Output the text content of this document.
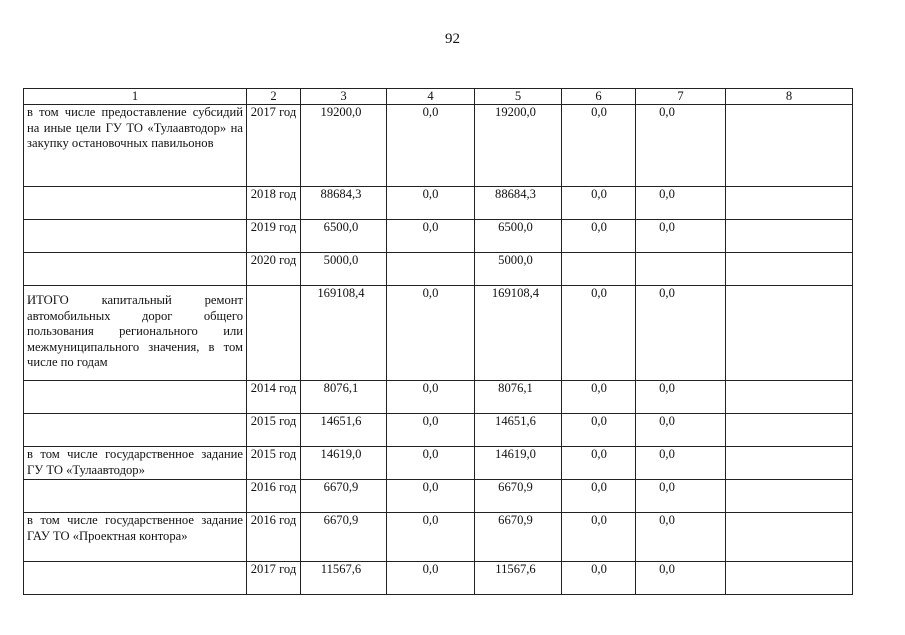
92
1	2	3	4	5	6	7	8
в том числе предоставление субсидий на иные цели ГУ ТО «Тулаавтодор» на закупку остановочных павильонов	2017 год	19200,0	0,0	19200,0	0,0	0,0	
	2018 год	88684,3	0,0	88684,3	0,0	0,0	
	2019 год	6500,0	0,0	6500,0	0,0	0,0	
	2020 год	5000,0		5000,0			
ИТОГО капитальный ремонт автомобильных дорог общего пользования регионального или межмуниципального значения, в том числе по годам		169108,4	0,0	169108,4	0,0	0,0	
	2014 год	8076,1	0,0	8076,1	0,0	0,0	
	2015 год	14651,6	0,0	14651,6	0,0	0,0	
в том числе государственное задание ГУ ТО «Тулаавтодор»	2015 год	14619,0	0,0	14619,0	0,0	0,0	
	2016 год	6670,9	0,0	6670,9	0,0	0,0	
в том числе государственное задание ГАУ ТО «Проектная контора»	2016 год	6670,9	0,0	6670,9	0,0	0,0	
	2017 год	11567,6	0,0	11567,6	0,0	0,0	
